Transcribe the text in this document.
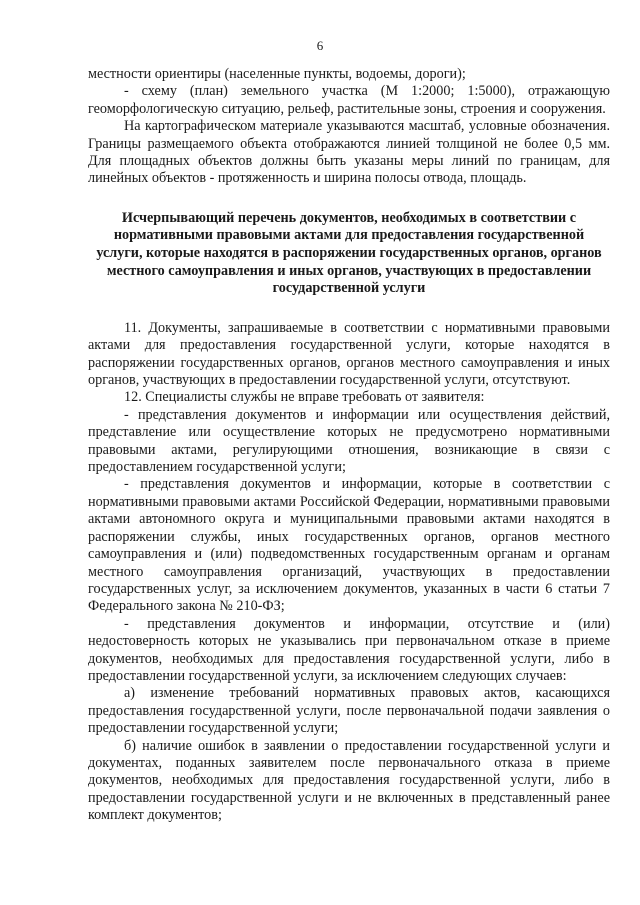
6

местности ориентиры (населенные пункты, водоемы, дороги);

- схему (план) земельного участка (М 1:2000; 1:5000), отражающую геоморфологическую ситуацию, рельеф, растительные зоны, строения и сооружения.

На картографическом материале указываются масштаб, условные обозначения. Границы размещаемого объекта отображаются линией толщиной не более 0,5 мм. Для площадных объектов должны быть указаны меры линий по границам, для линейных объектов - протяженность и ширина полосы отвода, площадь.

Исчерпывающий перечень документов, необходимых в соответствии с нормативными правовыми актами для предоставления государственной услуги, которые находятся в распоряжении государственных органов, органов местного самоуправления и иных органов, участвующих в предоставлении государственной услуги

11. Документы, запрашиваемые в соответствии с нормативными правовыми актами для предоставления государственной услуги, которые находятся в распоряжении государственных органов, органов местного самоуправления и иных органов, участвующих в предоставлении государственной услуги, отсутствуют.

12. Специалисты службы не вправе требовать от заявителя:

- представления документов и информации или осуществления действий, представление или осуществление которых не предусмотрено нормативными правовыми актами, регулирующими отношения, возникающие в связи с предоставлением государственной услуги;

- представления документов и информации, которые в соответствии с нормативными правовыми актами Российской Федерации, нормативными правовыми актами автономного округа и муниципальными правовыми актами находятся в распоряжении службы, иных государственных органов, органов местного самоуправления и (или) подведомственных государственным органам и органам местного самоуправления организаций, участвующих в предоставлении государственных услуг, за исключением документов, указанных в части 6 статьи 7 Федерального закона № 210-ФЗ;

- представления документов и информации, отсутствие и (или) недостоверность которых не указывались при первоначальном отказе в приеме документов, необходимых для предоставления государственной услуги, либо в предоставлении государственной услуги, за исключением следующих случаев:

а) изменение требований нормативных правовых актов, касающихся предоставления государственной услуги, после первоначальной подачи заявления о предоставлении государственной услуги;

б) наличие ошибок в заявлении о предоставлении государственной услуги и документах, поданных заявителем после первоначального отказа в приеме документов, необходимых для предоставления государственной услуги, либо в предоставлении государственной услуги и не включенных в представленный ранее комплект документов;
